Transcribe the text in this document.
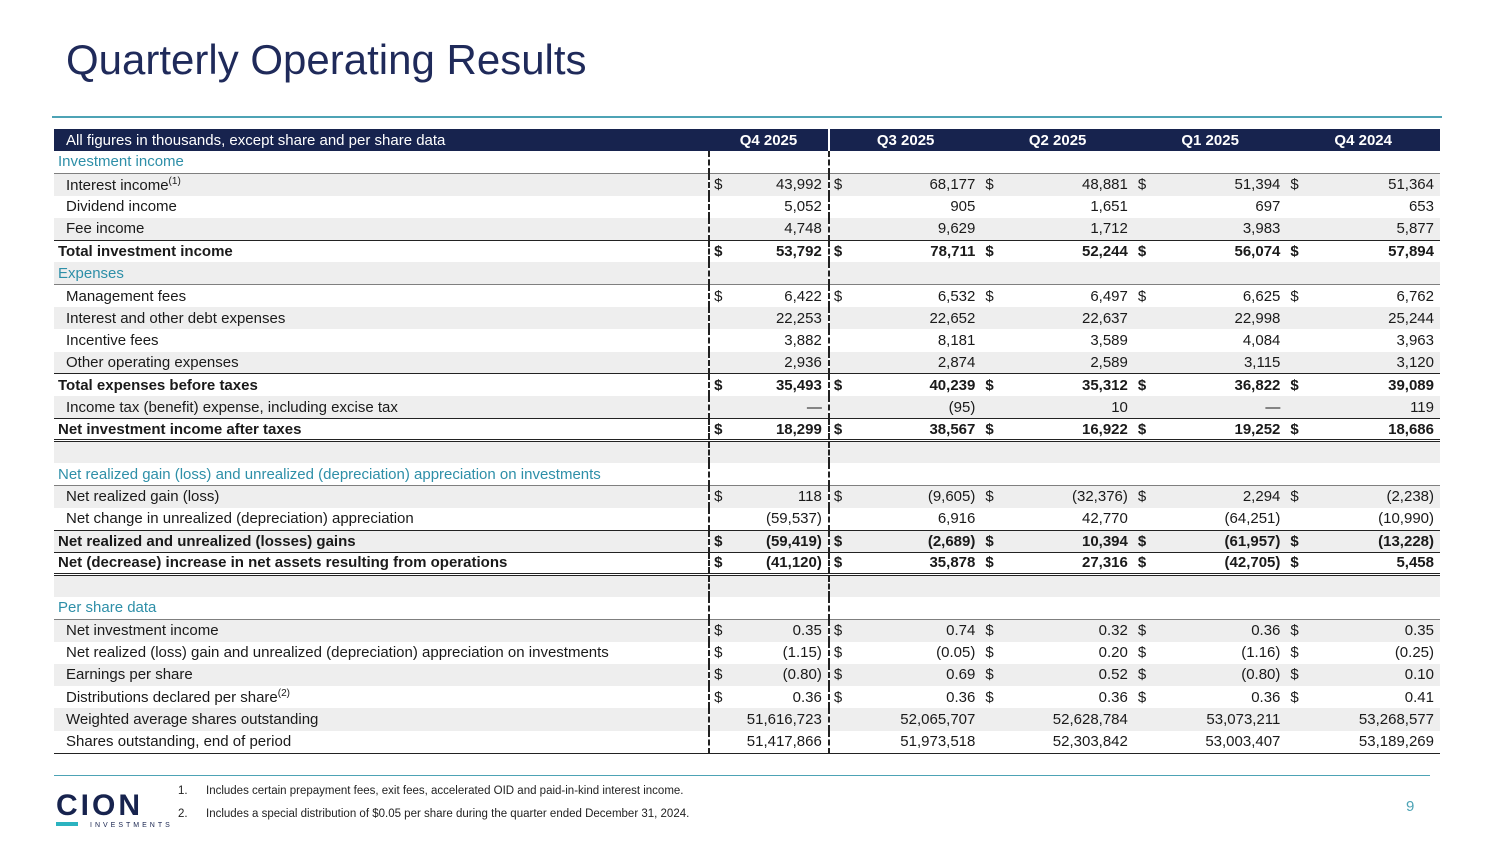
Quarterly Operating Results
All figures in thousands, except share and per share data	Q4 2025		Q3 2025		Q2 2025		Q1 2025		Q4 2024	
Investment income										
Interest income$^{(1)}$	$	43,992	$	68,177	$	48,881	$	51,394	$	51,364
Dividend income		5,052		905		1,651		697		653
Fee income		4,748		9,629		1,712		3,983		5,877
Total investment income	$	53,792	$	78,711	$	52,244	$	56,074	$	57,894
Expenses										
Management fees	$	6,422	$	6,532	$	6,497	$	6,625	$	6,762
Interest and other debt expenses		22,253		22,652		22,637		22,998		25,244
Incentive fees		3,882		8,181		3,589		4,084		3,963
Other operating expenses		2,936		2,874		2,589		3,115		3,120
Total expenses before taxes	$	35,493	$	40,239	$	35,312	$	36,822	$	39,089
Income tax (benefit) expense, including excise tax		—		(95)		10		—		119
Net investment income after taxes	$	18,299	$	38,567	$	16,922	$	19,252	$	18,686

Net realized gain (loss) and unrealized (depreciation) appreciation on investments										
Net realized gain (loss)	$	118	$	(9,605)	$	(32,376)	$	2,294	$	(2,238)
Net change in unrealized (depreciation) appreciation		(59,537)		6,916		42,770		(64,251)		(10,990)
Net realized and unrealized (losses) gains	$	(59,419)	$	(2,689)	$	10,394	$	(61,957)	$	(13,228)
Net (decrease) increase in net assets resulting from operations	$	(41,120)	$	35,878	$	27,316	$	(42,705)	$	5,458

Per share data										
Net investment income	$	0.35	$	0.74	$	0.32	$	0.36	$	0.35
Net realized (loss) gain and unrealized (depreciation) appreciation on investments	$	(1.15)	$	(0.05)	$	0.20	$	(1.16)	$	(0.25)
Earnings per share	$	(0.80)	$	0.69	$	0.52	$	(0.80)	$	0.10
Distributions declared per share$^{(2)}$	$	0.36	$	0.36	$	0.36	$	0.36	$	0.41
Weighted average shares outstanding		51,616,723		52,065,707		52,628,784		53,073,211		53,268,577
Shares outstanding, end of period		51,417,866		51,973,518		52,303,842		53,003,407		53,189,269
CION
INVESTMENTS
1. Includes certain prepayment fees, exit fees, accelerated OID and paid-in-kind interest income.
2. Includes a special distribution of $0.05 per share during the quarter ended December 31, 2024.	9
